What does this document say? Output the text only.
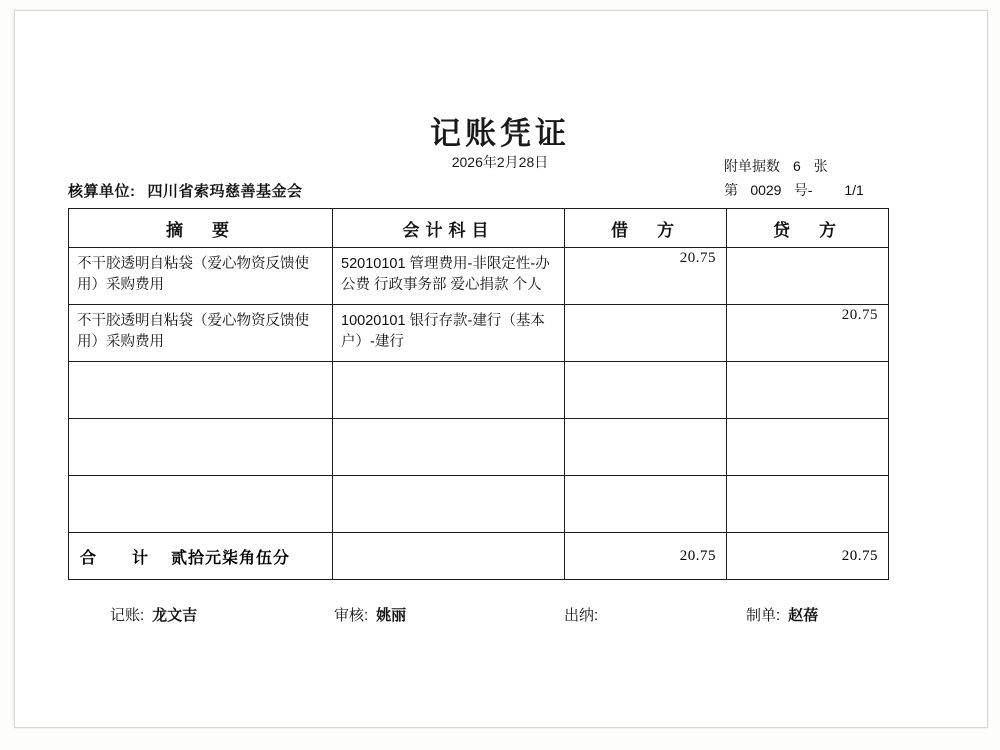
记账凭证
2026年2月28日
核算单位: 四川省索玛慈善基金会
附单据数 6 张
第 0029 号- 1/1
摘　要	会计科目	借　方	贷　方

不干胶透明自粘袋（爱心物资反馈使用）采购费用	52010101 管理费用-非限定性-办公费 行政事务部 爱心捐款 个人	20.75	

不干胶透明自粘袋（爱心物资反馈使用）采购费用	10020101 银行存款-建行（基本户）-建行		20.75

合　计 贰拾元柒角伍分		20.75	20.75
记账: 龙文吉	审核: 姚丽	出纳:	制单: 赵蓓
